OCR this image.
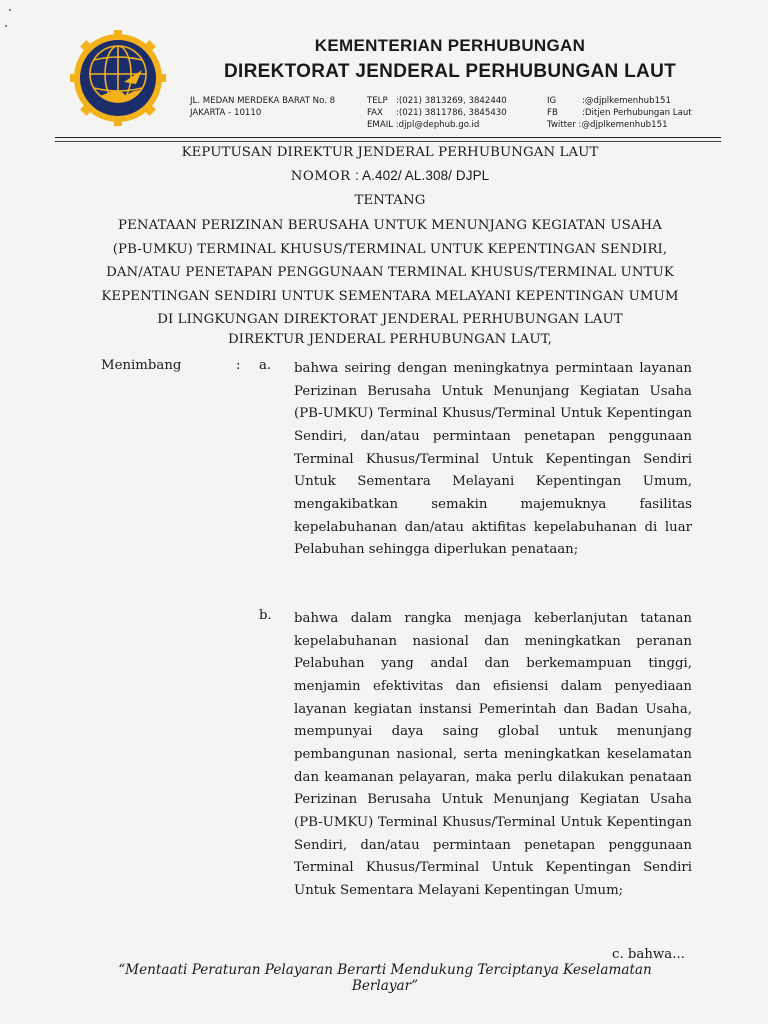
KEMENTERIAN PERHUBUNGAN
DIREKTORAT JENDERAL PERHUBUNGAN LAUT
JL. MEDAN MERDEKA BARAT No. 8
JAKARTA - 10110
TELP :(021) 3813269, 3842440
FAX :(021) 3811786, 3845430
EMAIL :djpl@dephub.go.id
IG	:@djplkemenhub151
FB	:Ditjen Perhubungan Laut
Twitter :@djplkemenhub151
KEPUTUSAN DIREKTUR JENDERAL PERHUBUNGAN LAUT
NOMOR : A.402/ AL.308/ DJPL
TENTANG
PENATAAN PERIZINAN BERUSAHA UNTUK MENUNJANG KEGIATAN USAHA
(PB-UMKU) TERMINAL KHUSUS/TERMINAL UNTUK KEPENTINGAN SENDIRI,
DAN/ATAU PENETAPAN PENGGUNAAN TERMINAL KHUSUS/TERMINAL UNTUK
KEPENTINGAN SENDIRI UNTUK SEMENTARA MELAYANI KEPENTINGAN UMUM
DI LINGKUNGAN DIREKTORAT JENDERAL PERHUBUNGAN LAUT
DIREKTUR JENDERAL PERHUBUNGAN LAUT,
Menimbang	: a. bahwa seiring dengan meningkatnya permintaan layanan Perizinan Berusaha Untuk Menunjang Kegiatan Usaha (PB-UMKU) Terminal Khusus/Terminal Untuk Kepentingan Sendiri, dan/atau permintaan penetapan penggunaan Terminal Khusus/Terminal Untuk Kepentingan Sendiri Untuk Sementara Melayani Kepentingan Umum, mengakibatkan semakin majemuknya fasilitas kepelabuhanan dan/atau aktifitas kepelabuhanan di luar Pelabuhan sehingga diperlukan penataan;
b. bahwa dalam rangka menjaga keberlanjutan tatanan kepelabuhanan nasional dan meningkatkan peranan Pelabuhan yang andal dan berkemampuan tinggi, menjamin efektivitas dan efisiensi dalam penyediaan layanan kegiatan instansi Pemerintah dan Badan Usaha, mempunyai daya saing global untuk menunjang pembangunan nasional, serta meningkatkan keselamatan dan keamanan pelayaran, maka perlu dilakukan penataan Perizinan Berusaha Untuk Menunjang Kegiatan Usaha (PB-UMKU) Terminal Khusus/Terminal Untuk Kepentingan Sendiri, dan/atau permintaan penetapan penggunaan Terminal Khusus/Terminal Untuk Kepentingan Sendiri Untuk Sementara Melayani Kepentingan Umum;
c. bahwa...
“Mentaati Peraturan Pelayaran Berarti Mendukung Terciptanya Keselamatan Berlayar”
